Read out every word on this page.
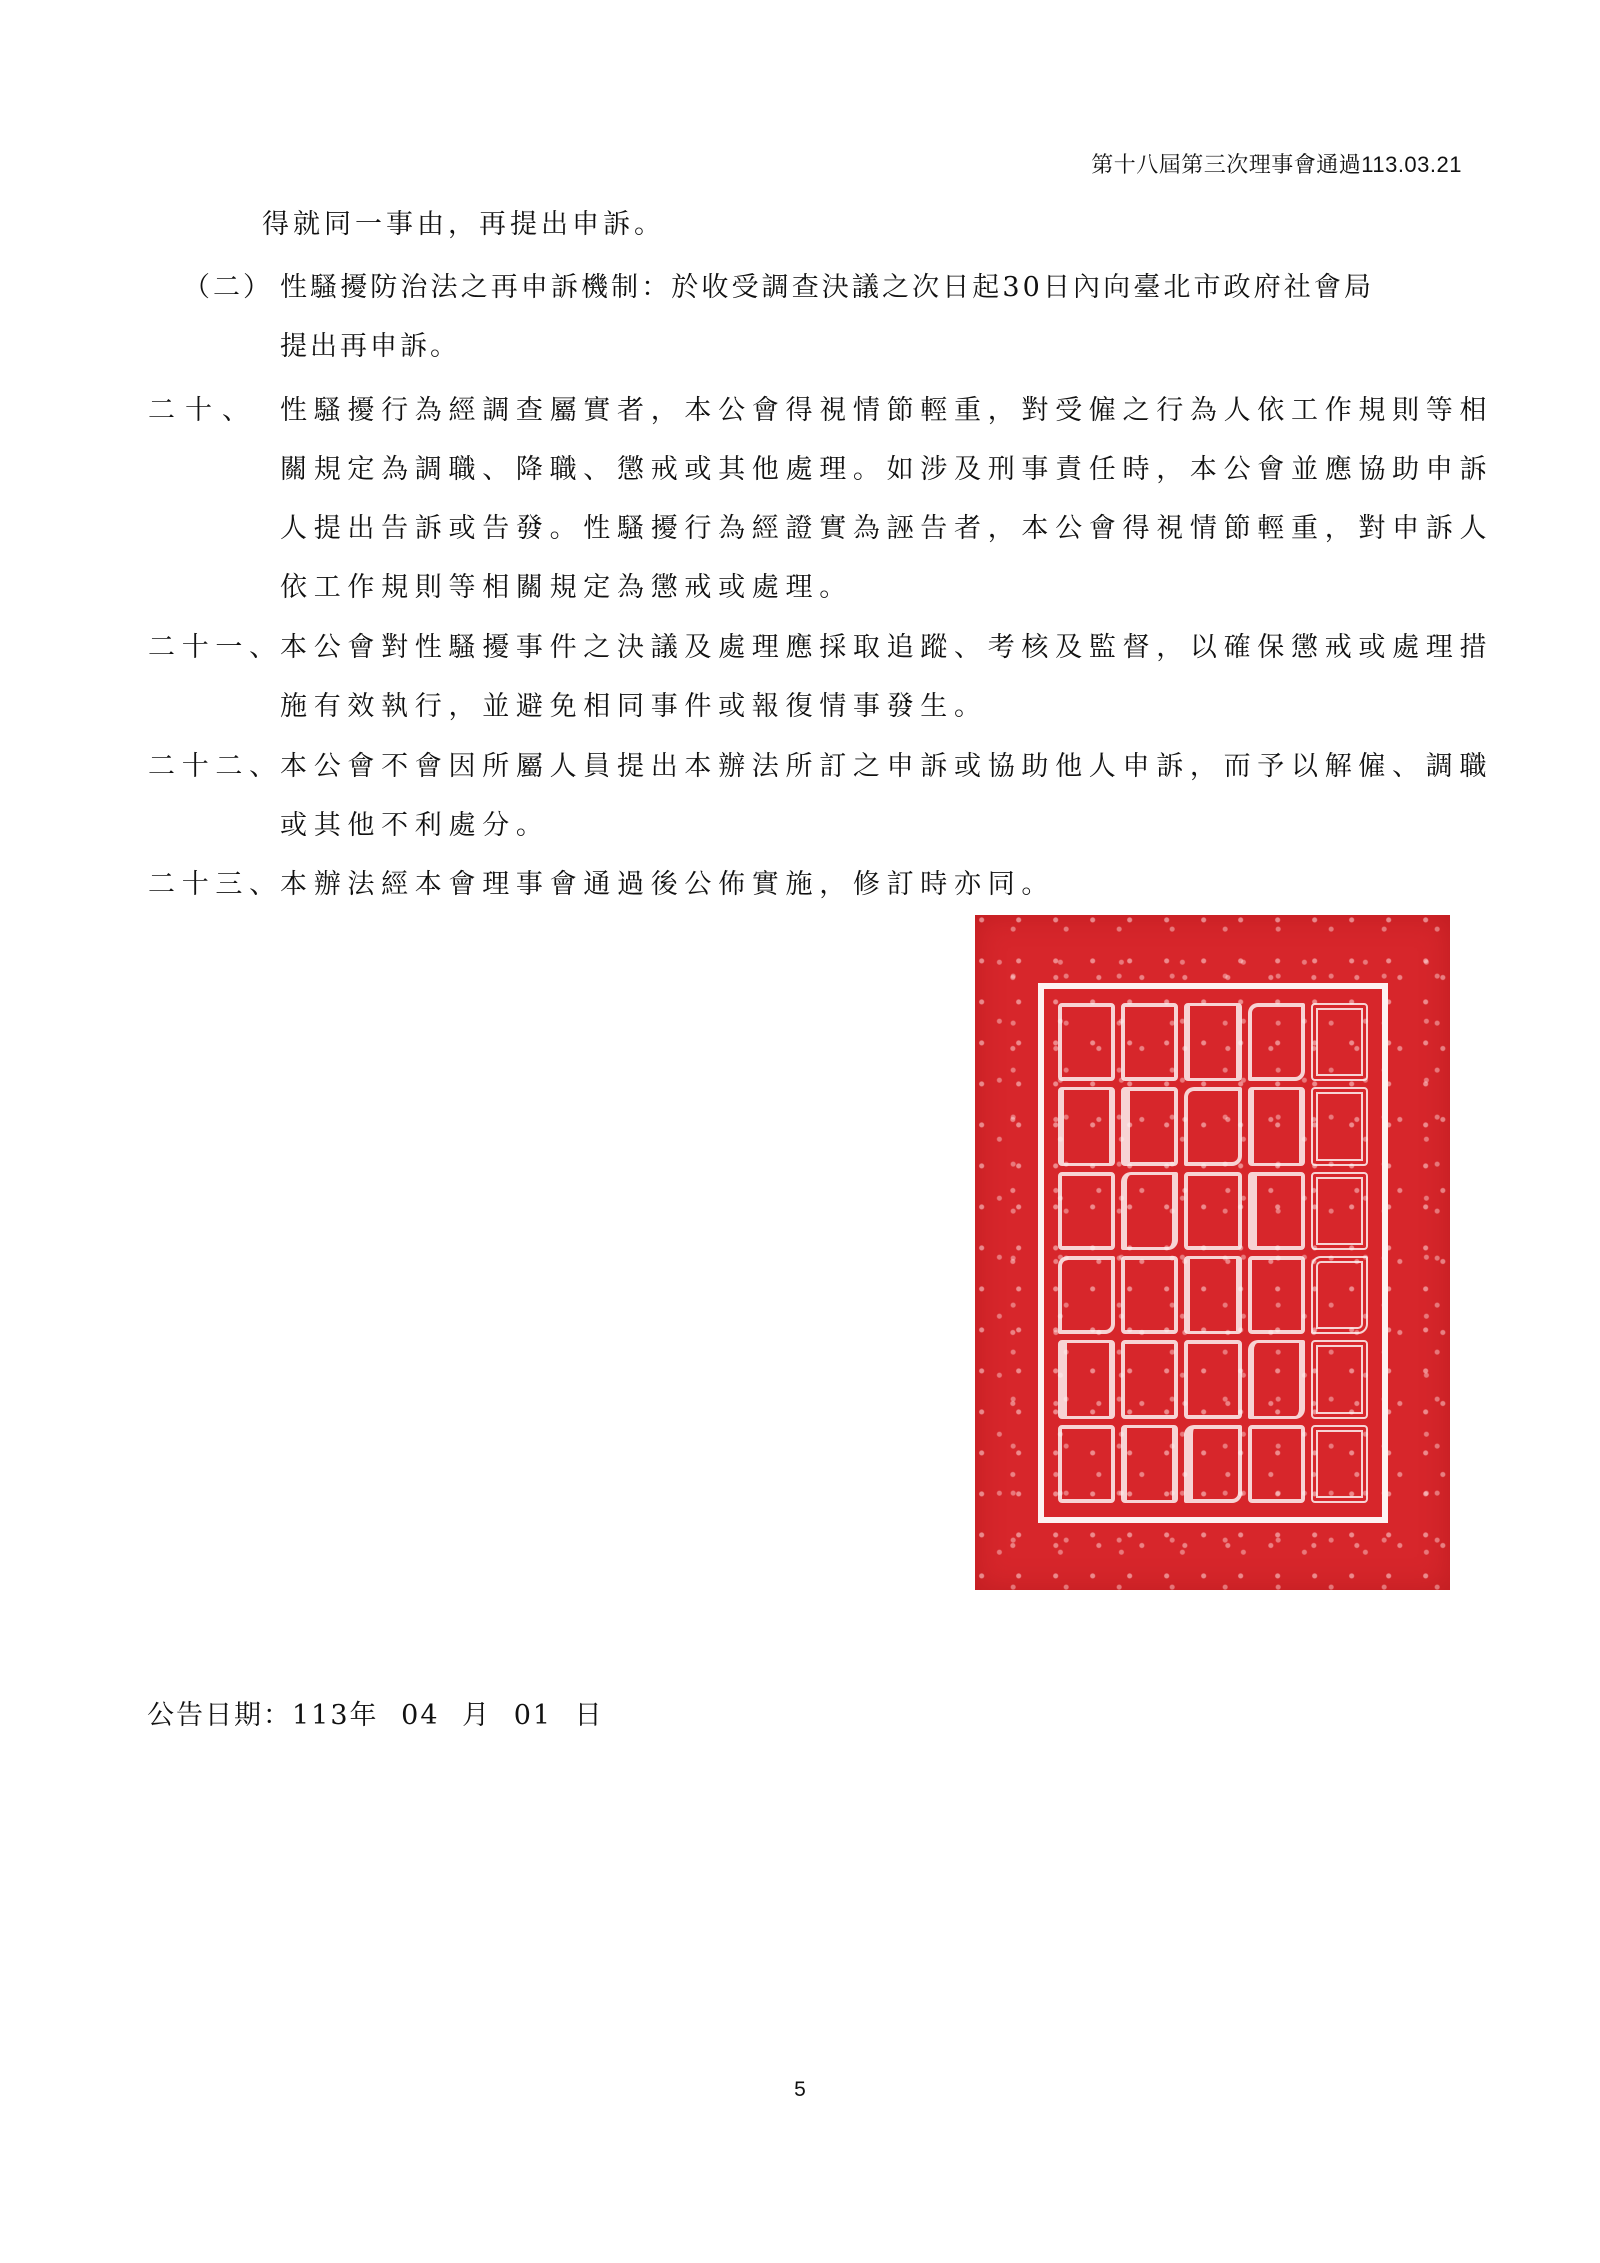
第十八屆第三次理事會通過113.03.21
得就同一事由，再提出申訴。
（二） 性騷擾防治法之再申訴機制：於收受調查決議之次日起30日內向臺北市政府社會局
提出再申訴。
二十、 性騷擾行為經調查屬實者，本公會得視情節輕重，對受僱之行為人依工作規則等相
關規定為調職、降職、懲戒或其他處理。如涉及刑事責任時，本公會並應協助申訴
人提出告訴或告發。性騷擾行為經證實為誣告者，本公會得視情節輕重，對申訴人
依工作規則等相關規定為懲戒或處理。
二十一、
本公會對性騷擾事件之決議及處理應採取追蹤、考核及監督，以確保懲戒或處理措
施有效執行，並避免相同事件或報復情事發生。
二十二、
本公會不會因所屬人員提出本辦法所訂之申訴或協助他人申訴，而予以解僱、調職
或其他不利處分。
二十三、
本辦法經本會理事會通過後公佈實施，修訂時亦同。
公告日期：113年 04 月 01 日
5
